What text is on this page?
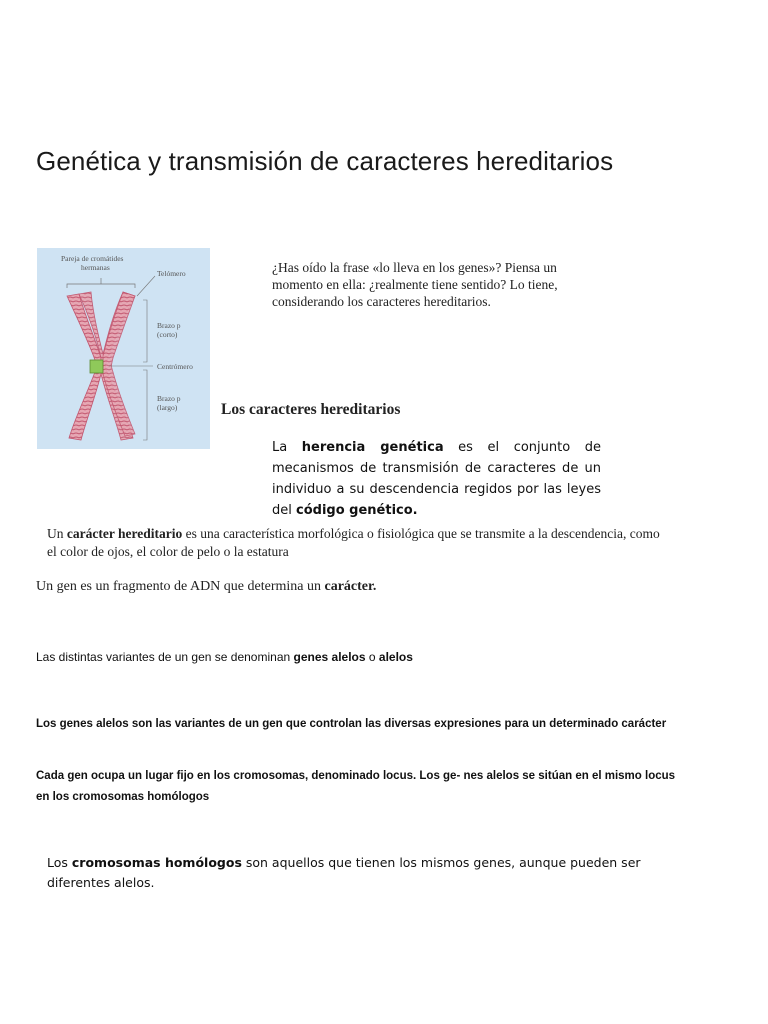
Genética y transmisión de caracteres hereditarios
Pareja de cromátides
hermanas
Telómero
Brazo p
(corto)
Centrómero
Brazo p
(largo)

¿Has oído la frase «lo lleva en los genes»? Piensa un momento en ella: ¿realmente tiene sentido? Lo tiene, considerando los caracteres hereditarios.

Los caracteres hereditarios

La herencia genética es el conjunto de mecanismos de transmisión de caracteres de un individuo a su descendencia regidos por las leyes del código genético.

Un carácter hereditario es una característica morfológica o fisiológica que se transmite a la descendencia, como el color de ojos, el color de pelo o la estatura

Un gen es un fragmento de ADN que determina un carácter.

Las distintas variantes de un gen se denominan genes alelos o alelos

Los genes alelos son las variantes de un gen que controlan las diversas expresiones para un determinado carácter

Cada gen ocupa un lugar fijo en los cromosomas, denominado locus. Los ge- nes alelos se sitúan en el mismo locus en los cromosomas homólogos

Los cromosomas homólogos son aquellos que tienen los mismos genes, aunque pueden ser diferentes alelos.
